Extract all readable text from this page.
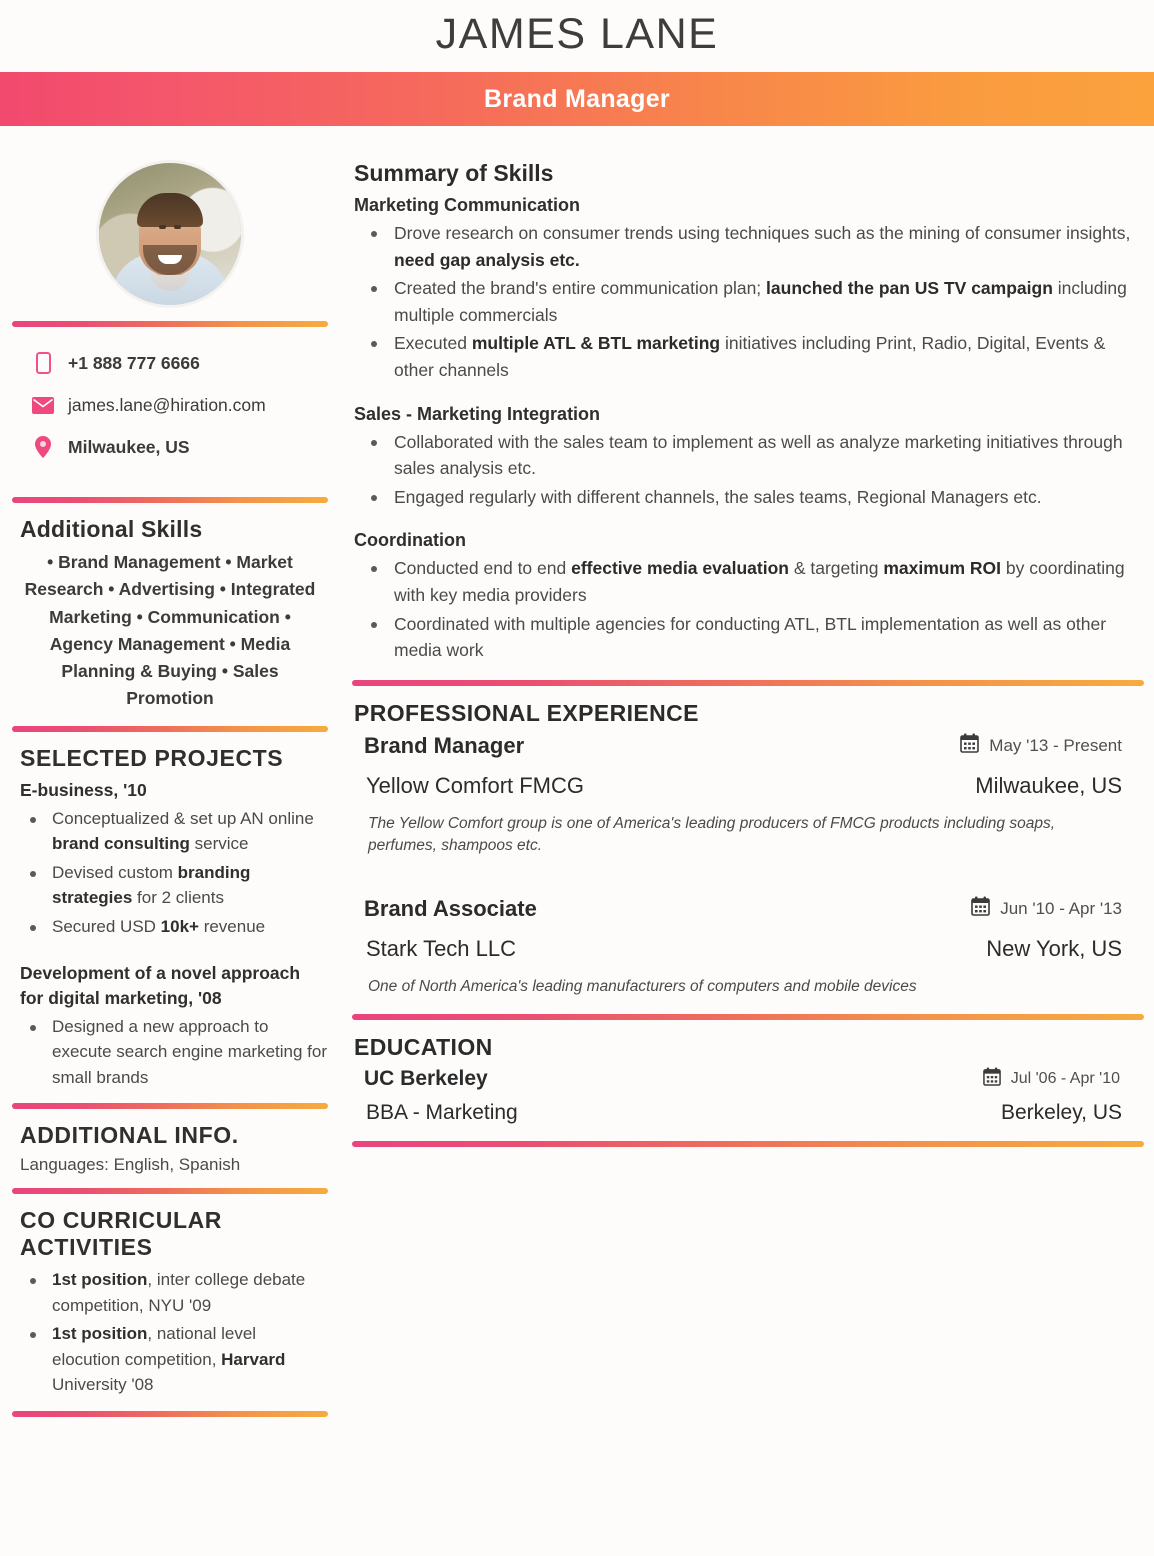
JAMES LANE
Brand Manager
+1 888 777 6666
james.lane@hiration.com
Milwaukee, US
Additional Skills
• Brand Management • Market Research • Advertising • Integrated Marketing • Communication • Agency Management • Media Planning & Buying • Sales Promotion
SELECTED PROJECTS
E-business, '10
Conceptualized & set up AN online brand consulting service
Devised custom branding strategies for 2 clients
Secured USD 10k+ revenue
Development of a novel approach for digital marketing, '08
Designed a new approach to execute search engine marketing for small brands
ADDITIONAL INFO.
Languages: English, Spanish
CO CURRICULAR ACTIVITIES
1st position, inter college debate competition, NYU '09
1st position, national level elocution competition, Harvard University '08
Summary of Skills
Marketing Communication
Drove research on consumer trends using techniques such as the mining of consumer insights, need gap analysis etc.
Created the brand's entire communication plan; launched the pan US TV campaign including multiple commercials
Executed multiple ATL & BTL marketing initiatives including Print, Radio, Digital, Events & other channels
Sales - Marketing Integration
Collaborated with the sales team to implement as well as analyze marketing initiatives through sales analysis etc.
Engaged regularly with different channels, the sales teams, Regional Managers etc.
Coordination
Conducted end to end effective media evaluation & targeting maximum ROI by coordinating with key media providers
Coordinated with multiple agencies for conducting ATL, BTL implementation as well as other media work
PROFESSIONAL EXPERIENCE
Brand Manager	May '13 - Present
Yellow Comfort FMCG	Milwaukee, US
The Yellow Comfort group is one of America's leading producers of FMCG products including soaps, perfumes, shampoos etc.
Brand Associate	Jun '10 - Apr '13
Stark Tech LLC	New York, US
One of North America's leading manufacturers of computers and mobile devices
EDUCATION
UC Berkeley	Jul '06 - Apr '10
BBA - Marketing	Berkeley, US
